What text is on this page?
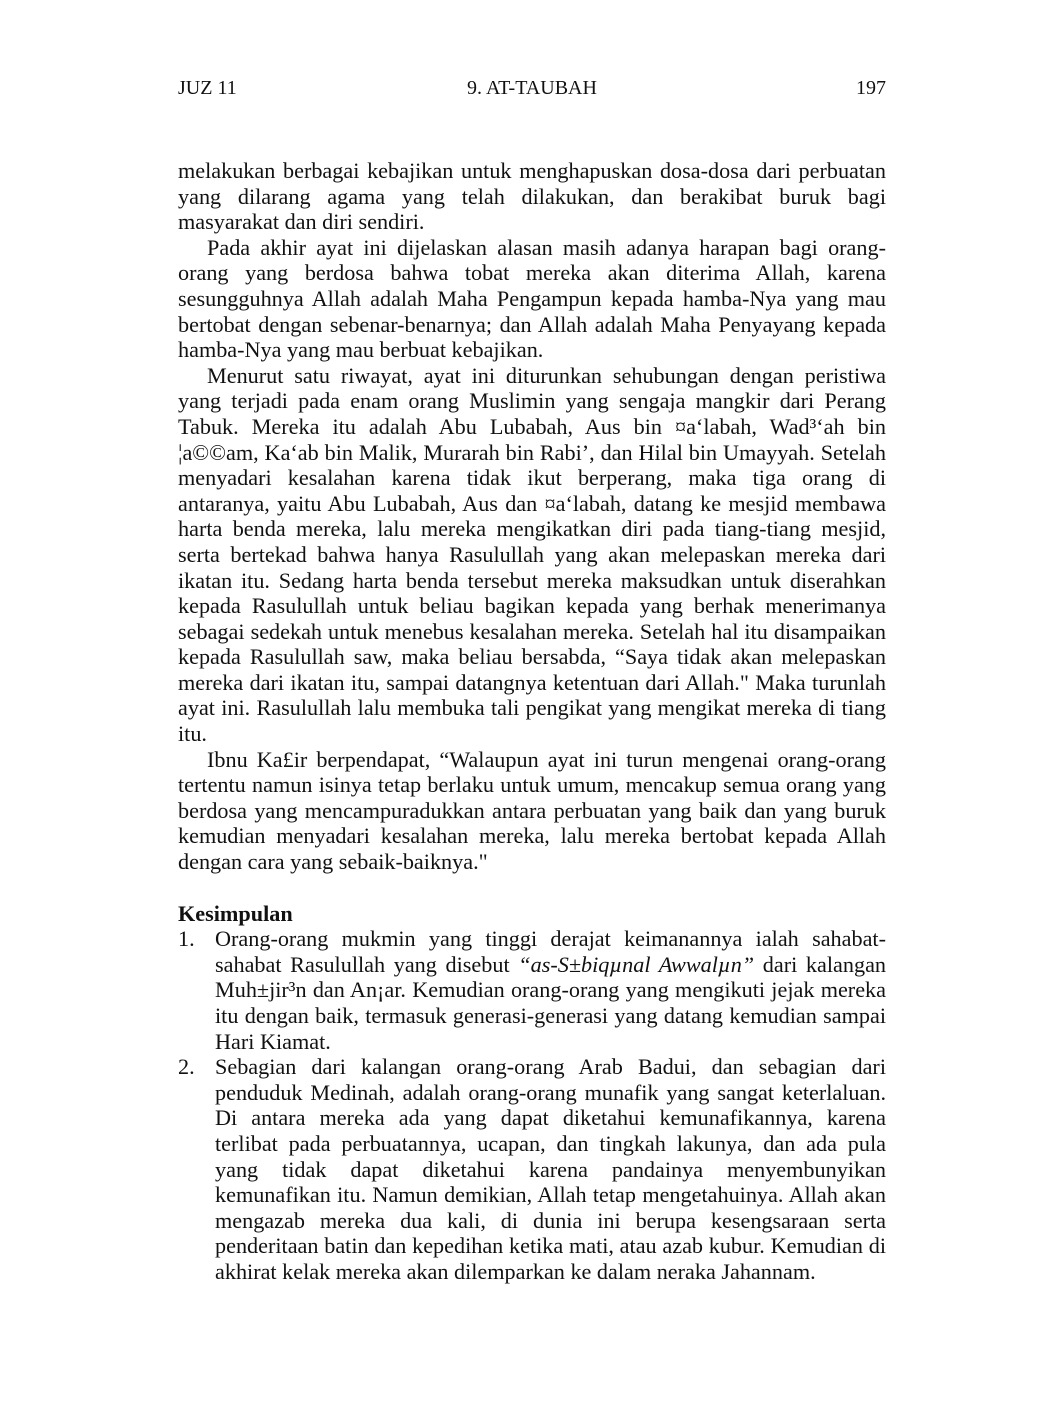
JUZ 11	9. AT-TAUBAH	197

melakukan berbagai kebajikan untuk menghapuskan dosa-dosa dari perbuatan yang dilarang agama yang telah dilakukan, dan berakibat buruk bagi masyarakat dan diri sendiri.

Pada akhir ayat ini dijelaskan alasan masih adanya harapan bagi orang-orang yang berdosa bahwa tobat mereka akan diterima Allah, karena sesungguhnya Allah adalah Maha Pengampun kepada hamba-Nya yang mau bertobat dengan sebenar-benarnya; dan Allah adalah Maha Penyayang kepada hamba-Nya yang mau berbuat kebajikan.

Menurut satu riwayat, ayat ini diturunkan sehubungan dengan peristiwa yang terjadi pada enam orang Muslimin yang sengaja mangkir dari Perang Tabuk. Mereka itu adalah Abu Lubabah, Aus bin ¤a‘labah, Wad³‘ah bin ¦a©©am, Ka‘ab bin Malik, Murarah bin Rabi’, dan Hilal bin Umayyah. Setelah menyadari kesalahan karena tidak ikut berperang, maka tiga orang di antaranya, yaitu Abu Lubabah, Aus dan ¤a‘labah, datang ke mesjid membawa harta benda mereka, lalu mereka mengikatkan diri pada tiang-tiang mesjid, serta bertekad bahwa hanya Rasulullah yang akan melepaskan mereka dari ikatan itu. Sedang harta benda tersebut mereka maksudkan untuk diserahkan kepada Rasulullah untuk beliau bagikan kepada yang berhak menerimanya sebagai sedekah untuk menebus kesalahan mereka. Setelah hal itu disampaikan kepada Rasulullah saw, maka beliau bersabda, “Saya tidak akan melepaskan mereka dari ikatan itu, sampai datangnya ketentuan dari Allah." Maka turunlah ayat ini. Rasulullah lalu membuka tali pengikat yang mengikat mereka di tiang itu.

Ibnu Ka£ir berpendapat, “Walaupun ayat ini turun mengenai orang-orang tertentu namun isinya tetap berlaku untuk umum, mencakup semua orang yang berdosa yang mencampuradukkan antara perbuatan yang baik dan yang buruk kemudian menyadari kesalahan mereka, lalu mereka bertobat kepada Allah dengan cara yang sebaik-baiknya."

Kesimpulan
1. Orang-orang mukmin yang tinggi derajat keimanannya ialah sahabat-sahabat Rasulullah yang disebut “as-S±biqµnal Awwalµn” dari kalangan Muh±jir³n dan An¡ar. Kemudian orang-orang yang mengikuti jejak mereka itu dengan baik, termasuk generasi-generasi yang datang kemudian sampai Hari Kiamat.
2. Sebagian dari kalangan orang-orang Arab Badui, dan sebagian dari penduduk Medinah, adalah orang-orang munafik yang sangat keterlaluan. Di antara mereka ada yang dapat diketahui kemunafikannya, karena terlibat pada perbuatannya, ucapan, dan tingkah lakunya, dan ada pula yang tidak dapat diketahui karena pandainya menyembunyikan kemunafikan itu. Namun demikian, Allah tetap mengetahuinya. Allah akan mengazab mereka dua kali, di dunia ini berupa kesengsaraan serta penderitaan batin dan kepedihan ketika mati, atau azab kubur. Kemudian di akhirat kelak mereka akan dilemparkan ke dalam neraka Jahannam.
